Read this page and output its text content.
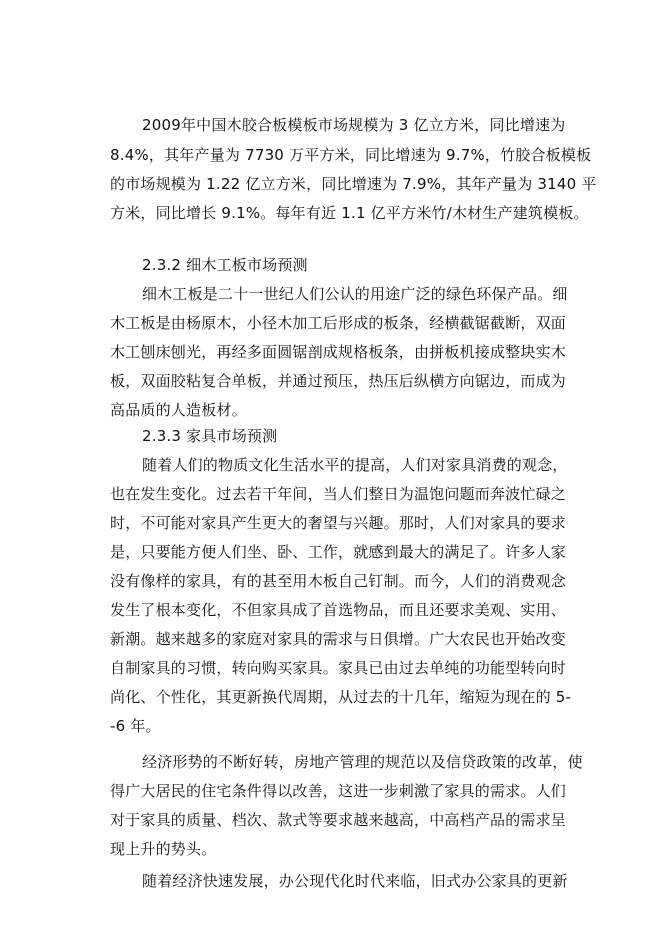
2009年中国木胶合板模板市场规模为 3 亿立方米，同比增速为
8.4%，其年产量为 7730 万平方米，同比增速为 9.7%，竹胶合板模板
的市场规模为 1.22 亿立方米，同比增速为 7.9%，其年产量为 3140 平
方米，同比增长 9.1%。每年有近 1.1 亿平方米竹/木材生产建筑模板。
2.3.2 细木工板市场预测
细木工板是二十一世纪人们公认的用途广泛的绿色环保产品。细
木工板是由杨原木，小径木加工后形成的板条，经横截锯截断，双面
木工刨床刨光，再经多面圆锯剖成规格板条，由拼板机接成整块实木
板，双面胶粘复合单板，并通过预压，热压后纵横方向锯边，而成为
高品质的人造板材。
2.3.3 家具市场预测
随着人们的物质文化生活水平的提高，人们对家具消费的观念，
也在发生变化。过去若干年间，当人们整日为温饱问题而奔波忙碌之
时，不可能对家具产生更大的奢望与兴趣。那时，人们对家具的要求
是，只要能方便人们坐、卧、工作，就感到最大的满足了。许多人家
没有像样的家具，有的甚至用木板自己钉制。而今，人们的消费观念
发生了根本变化，不但家具成了首选物品，而且还要求美观、实用、
新潮。越来越多的家庭对家具的需求与日俱增。广大农民也开始改变
自制家具的习惯，转向购买家具。家具已由过去单纯的功能型转向时
尚化、个性化，其更新换代周期，从过去的十几年，缩短为现在的 5-
-6 年。
经济形势的不断好转，房地产管理的规范以及信贷政策的改革，使
得广大居民的住宅条件得以改善，这进一步刺激了家具的需求。人们
对于家具的质量、档次、款式等要求越来越高，中高档产品的需求呈
现上升的势头。
随着经济快速发展，办公现代化时代来临，旧式办公家具的更新
